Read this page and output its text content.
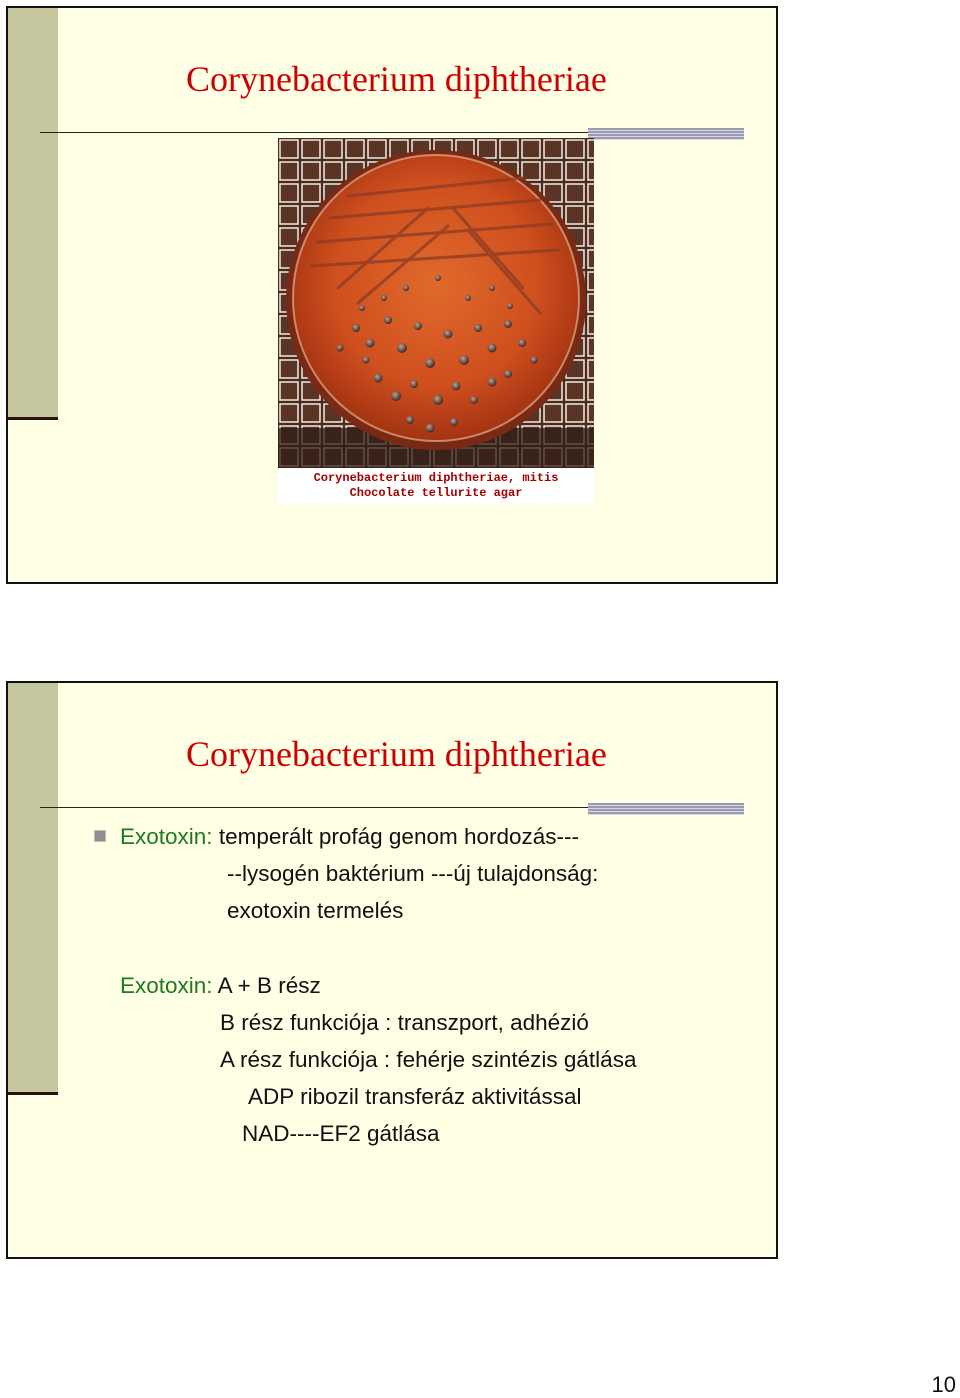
Corynebacterium diphtheriae
Corynebacterium diphtheriae, mitis
Chocolate tellurite agar
Corynebacterium diphtheriae
Exotoxin: temperált profág genom hordozás---
--lysogén baktérium ---új tulajdonság:
exotoxin termelés
Exotoxin: A + B rész
B rész funkciója : transzport, adhézió
A rész funkciója : fehérje szintézis gátlása
ADP ribozil transferáz aktivitással
NAD----EF2 gátlása
10
